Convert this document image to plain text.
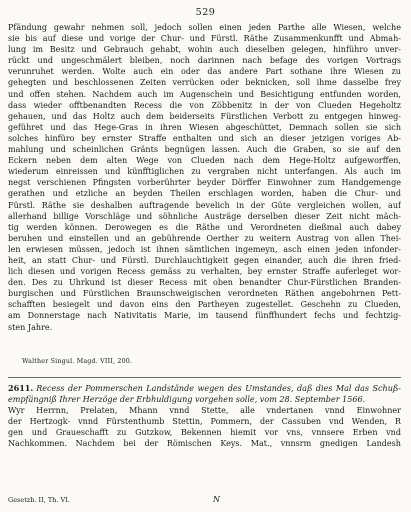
529
Pfändung gewahr nehmen soll, jedoch sollen einen jeden Parthe alle Wiesen, welche
sie bis auf diese und vorige der Chur- und Fürstl. Räthe Zusammenkunfft und Abmah-
lung im Besitz und Gebrauch gehabt, wohin auch dieselben gelegen, hinführo unver-
rückt und ungeschmälert bleiben, noch darinnen nach befage des vorigen Vortrags
verunruhet werden. Wolte auch ein oder das andere Part sothane ihre Wiesen zu
gehegten und beschlossenen Zeiten verrücken oder beknicken, soll ihme dasselbe frey
und offen stehen. Nachdem auch im Augenschein und Besichtigung entfunden worden,
dass wieder offtbenandten Recess die von Zöbbenitz in der von Clueden Hegeholtz
gehauen, und das Holtz auch dem beiderseits Fürstlichen Verbott zu entgegen hinweg-
geführet und das Hege-Gras in ihren Wiesen abgeschüttet, Demnach sollen sie sich
solches hinfüro bey ernster Straffe enthalten und sich an dieser jetzigen voriges Ab-
mahlung und scheinlichen Gränts begnügen lassen. Auch die Graben, so sie auf den
Eckern neben dem alten Wege von Clueden nach dem Hege-Holtz aufgeworffen,
wiederum einreissen und künfftiglichen zu vergraben nicht unterfangen. Als auch im
negst verschienen Pfingsten vorberührter beyder Dörffer Einwohner zum Handgemenge
gerathen und etzliche an beyden Theilen erschlagen worden, haben die Chur- und
Fürstl. Räthe sie deshalben auftragende bevelich in der Güte vergleichen wollen, auf
allerhand billige Vorschläge und söhnliche Austräge derselben dieser Zeit nicht mäch-
tig werden können. Derowegen es die Räthe und Verordneten dießmal auch dabey
beruhen und einstellen und an gebührende Oerther zu weitern Austrag von allen Thei-
len erwiesen müssen, jedoch ist ihnen sämtlichen ingemeyn, asch einen jeden infonder-
heit, an statt Chur- und Fürstl. Durchlauchtigkeit gegen einander, auch die ihren fried-
lich diesen und vorigen Recess gemäss zu verhalten, bey ernster Straffe auferleget wor-
den. Des zu Uhrkund ist dieser Recess mit oben benandter Chur-Fürstlichen Branden-
burgischen und Fürstlichen Braunschweigischen verordneten Räthen angebohrnen Pett-
schafften besiegelt und davon eins den Partheyen zugestellet. Geschehn zu Clueden,
am Donnerstage nach Nativitatis Marie, im tausend fünffhundert fechs und fechtzig-
sten Jahre.
Walther Singul. Magd. VIII, 200.
2611. Recess der Pommerschen Landstände wegen des Umstandes, daß dies Mal das Schuß-
empfängniß Ihrer Herzöge der Erbhuldigung vorgehen solle, vom 28. September 1566.
Wyr Herrnn, Prelaten, Mhann vnnd Stette, alle vndertanen vnnd Einwohner
der Hertzogk- vnnd Fürstenthumb Stettin, Pommern, der Cassuben vnd Wenden, R
gen und Graueschafft zu Gutzkow, Bekennen hiemit vor vns, vnnsere Erben vnd
Nachkommen. Nachdem bei der Römischen Keys. Mat., vnnsrm gnedigen Landesh
Gesetzb. II, Th. VI.	N
